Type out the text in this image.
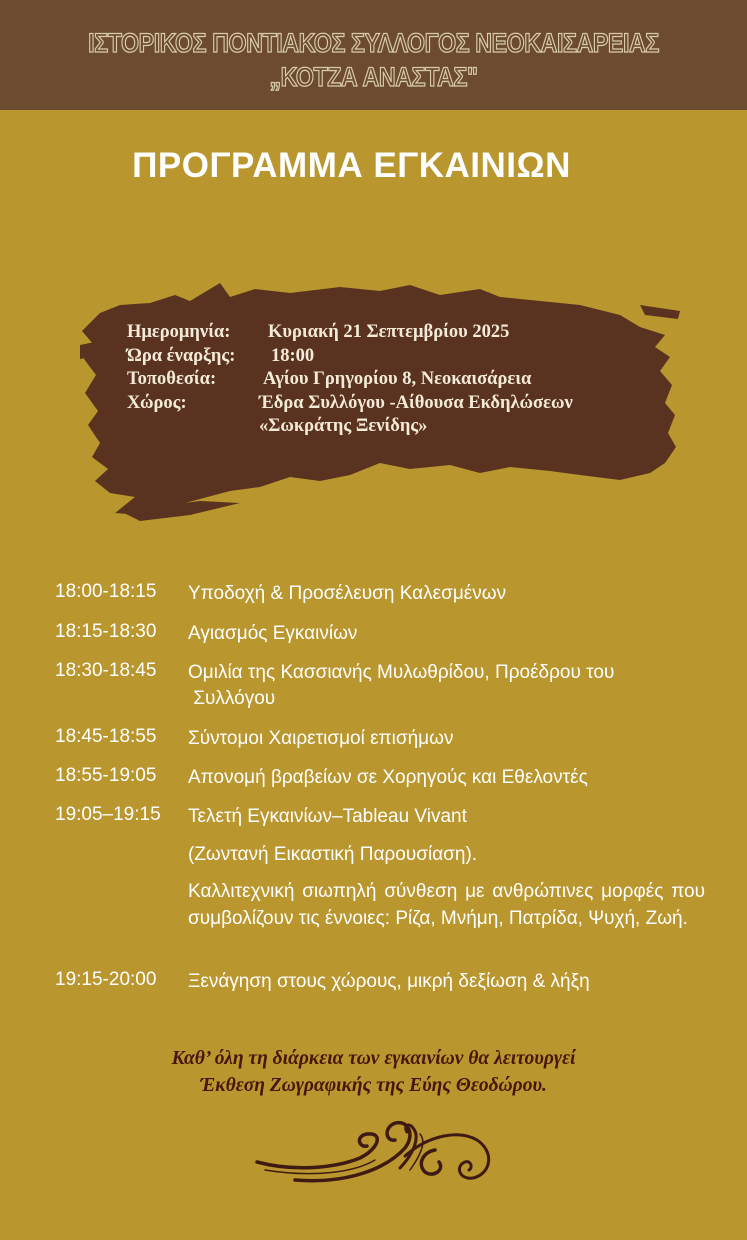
ΙΣΤΟΡΙΚΟΣ ΠΟΝΤΙΑΚΟΣ ΣΥΛΛΟΓΟΣ ΝΕΟΚΑΙΣΑΡΕΙΑΣ
„ΚΟΤΖΑ ΑΝΑΣΤΑΣ"
ΠΡΟΓΡΑΜΜΑ ΕΓΚΑΙΝΙΩΝ
Ημερομηνία: Κυριακή 21 Σεπτεμβρίου 2025
Ώρα έναρξης: 18:00
Τοποθεσία:	Αγίου Γρηγορίου 8, Νεοκαισάρεια
Χώρος:	Έδρα Συλλόγου -Αίθουσα Εκδηλώσεων
«Σωκράτης Ξενίδης»
18:00-18:15 Υποδοχή & Προσέλευση Καλεσμένων
18:15-18:30 Αγιασμός Εγκαινίων
18:30-18:45 Ομιλία της Κασσιανής Μυλωθρίδου, Προέδρου του
Συλλόγου
18:45-18:55 Σύντομοι Χαιρετισμοί επισήμων
18:55-19:05 Απονομή βραβείων σε Χορηγούς και Εθελοντές
19:05–19:15 Τελετή Εγκαινίων–Tableau Vivant
(Ζωντανή Εικαστική Παρουσίαση).
Καλλιτεχνική σιωπηλή σύνθεση με ανθρώπινες μορφές που συμβολίζουν τις έννοιες: Ρίζα, Μνήμη, Πατρίδα, Ψυχή, Ζωή.
19:15-20:00 Ξενάγηση στους χώρους, μικρή δεξίωση & λήξη
Καθ’ όλη τη διάρκεια των εγκαινίων θα λειτουργεί
Έκθεση Ζωγραφικής της Εύης Θεοδώρου.
